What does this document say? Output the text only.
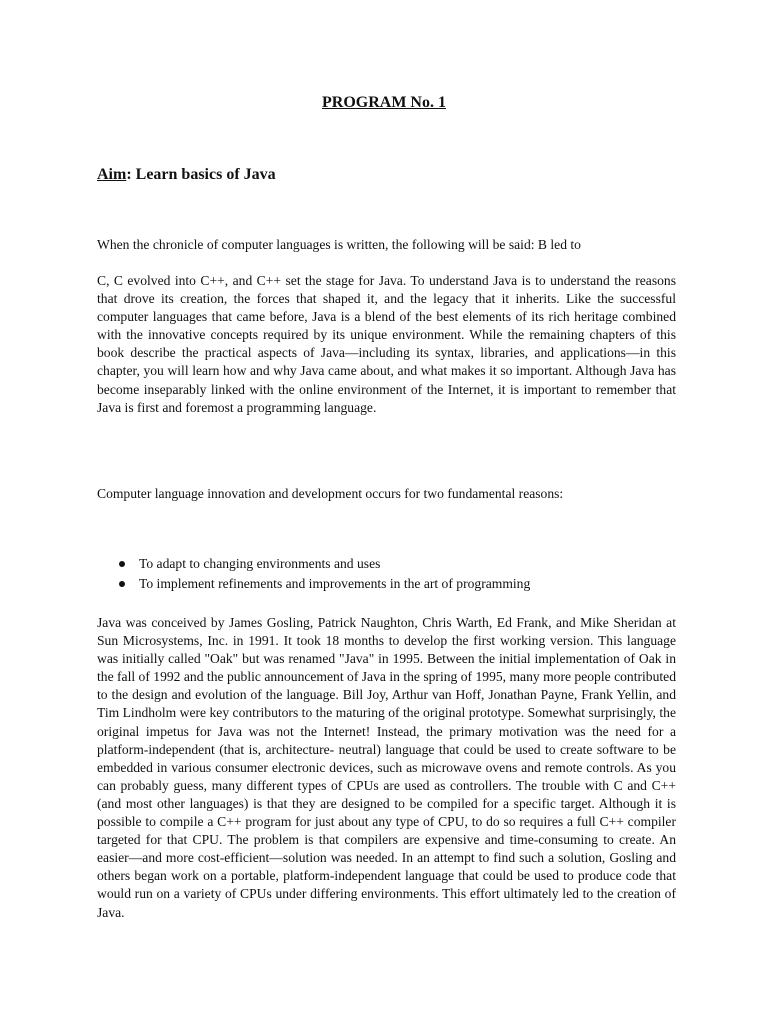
PROGRAM No. 1

Aim: Learn basics of Java

When the chronicle of computer languages is written, the following will be said: B led to

C, C evolved into C++, and C++ set the stage for Java. To understand Java is to understand the reasons that drove its creation, the forces that shaped it, and the legacy that it inherits. Like the successful computer languages that came before, Java is a blend of the best elements of its rich heritage combined with the innovative concepts required by its unique environment. While the remaining chapters of this book describe the practical aspects of Java—including its syntax, libraries, and applications—in this chapter, you will learn how and why Java came about, and what makes it so important. Although Java has become inseparably linked with the online environment of the Internet, it is important to remember that Java is first and foremost a programming language.

Computer language innovation and development occurs for two fundamental reasons:

To adapt to changing environments and uses
To implement refinements and improvements in the art of programming

Java was conceived by James Gosling, Patrick Naughton, Chris Warth, Ed Frank, and Mike Sheridan at Sun Microsystems, Inc. in 1991. It took 18 months to develop the first working version. This language was initially called "Oak" but was renamed "Java" in 1995. Between the initial implementation of Oak in the fall of 1992 and the public announcement of Java in the spring of 1995, many more people contributed to the design and evolution of the language. Bill Joy, Arthur van Hoff, Jonathan Payne, Frank Yellin, and Tim Lindholm were key contributors to the maturing of the original prototype. Somewhat surprisingly, the original impetus for Java was not the Internet! Instead, the primary motivation was the need for a platform-independent (that is, architecture- neutral) language that could be used to create software to be embedded in various consumer electronic devices, such as microwave ovens and remote controls. As you can probably guess, many different types of CPUs are used as controllers. The trouble with C and C++ (and most other languages) is that they are designed to be compiled for a specific target. Although it is possible to compile a C++ program for just about any type of CPU, to do so requires a full C++ compiler targeted for that CPU. The problem is that compilers are expensive and time-consuming to create. An easier—and more cost-efficient—solution was needed. In an attempt to find such a solution, Gosling and others began work on a portable, platform-independent language that could be used to produce code that would run on a variety of CPUs under differing environments. This effort ultimately led to the creation of Java.
